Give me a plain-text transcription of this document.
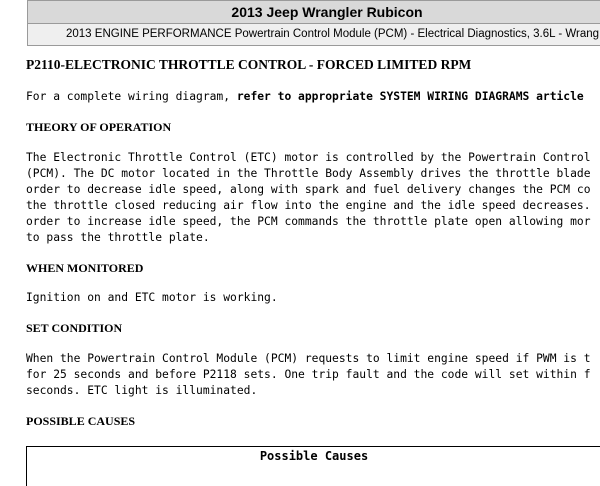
2013 Jeep Wrangler Rubicon
2013 ENGINE PERFORMANCE Powertrain Control Module (PCM) - Electrical Diagnostics, 3.6L - Wrang
P2110-ELECTRONIC THROTTLE CONTROL - FORCED LIMITED RPM
For a complete wiring diagram, refer to appropriate SYSTEM WIRING DIAGRAMS article
THEORY OF OPERATION
The Electronic Throttle Control (ETC) motor is controlled by the Powertrain Control
(PCM). The DC motor located in the Throttle Body Assembly drives the throttle blade
order to decrease idle speed, along with spark and fuel delivery changes the PCM co
the throttle closed reducing air flow into the engine and the idle speed decreases.
order to increase idle speed, the PCM commands the throttle plate open allowing mor
to pass the throttle plate.
WHEN MONITORED
Ignition on and ETC motor is working.
SET CONDITION
When the Powertrain Control Module (PCM) requests to limit engine speed if PWM is t
for 25 seconds and before P2118 sets. One trip fault and the code will set within f
seconds. ETC light is illuminated.
POSSIBLE CAUSES
Possible Causes
